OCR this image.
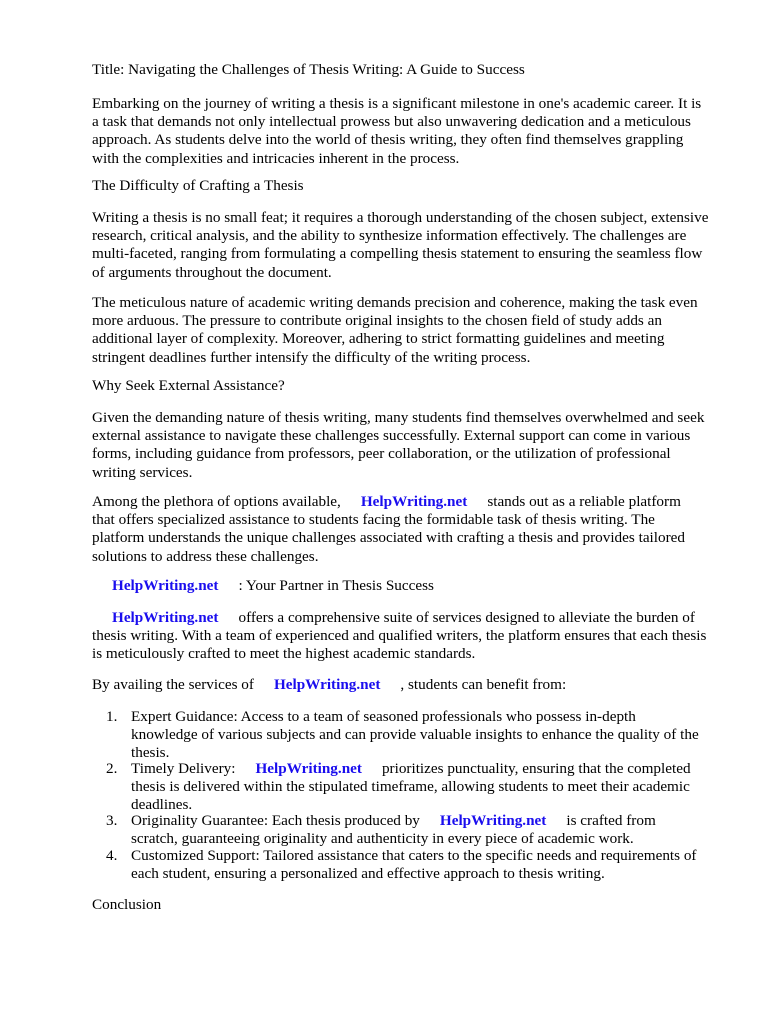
Title: Navigating the Challenges of Thesis Writing: A Guide to Success

Embarking on the journey of writing a thesis is a significant milestone in one's academic career. It is
a task that demands not only intellectual prowess but also unwavering dedication and a meticulous
approach. As students delve into the world of thesis writing, they often find themselves grappling
with the complexities and intricacies inherent in the process.

The Difficulty of Crafting a Thesis

Writing a thesis is no small feat; it requires a thorough understanding of the chosen subject, extensive
research, critical analysis, and the ability to synthesize information effectively. The challenges are
multi-faceted, ranging from formulating a compelling thesis statement to ensuring the seamless flow
of arguments throughout the document.

The meticulous nature of academic writing demands precision and coherence, making the task even
more arduous. The pressure to contribute original insights to the chosen field of study adds an
additional layer of complexity. Moreover, adhering to strict formatting guidelines and meeting
stringent deadlines further intensify the difficulty of the writing process.

Why Seek External Assistance?

Given the demanding nature of thesis writing, many students find themselves overwhelmed and seek
external assistance to navigate these challenges successfully. External support can come in various
forms, including guidance from professors, peer collaboration, or the utilization of professional
writing services.

Among the plethora of options available, HelpWriting.net stands out as a reliable platform
that offers specialized assistance to students facing the formidable task of thesis writing. The
platform understands the unique challenges associated with crafting a thesis and provides tailored
solutions to address these challenges.

HelpWriting.net : Your Partner in Thesis Success

HelpWriting.net offers a comprehensive suite of services designed to alleviate the burden of
thesis writing. With a team of experienced and qualified writers, the platform ensures that each thesis
is meticulously crafted to meet the highest academic standards.

By availing the services of HelpWriting.net , students can benefit from:

1. Expert Guidance: Access to a team of seasoned professionals who possess in-depth
knowledge of various subjects and can provide valuable insights to enhance the quality of the
thesis.
2. Timely Delivery: HelpWriting.net prioritizes punctuality, ensuring that the completed
thesis is delivered within the stipulated timeframe, allowing students to meet their academic
deadlines.
3. Originality Guarantee: Each thesis produced by HelpWriting.net is crafted from
scratch, guaranteeing originality and authenticity in every piece of academic work.
4. Customized Support: Tailored assistance that caters to the specific needs and requirements of
each student, ensuring a personalized and effective approach to thesis writing.

Conclusion
